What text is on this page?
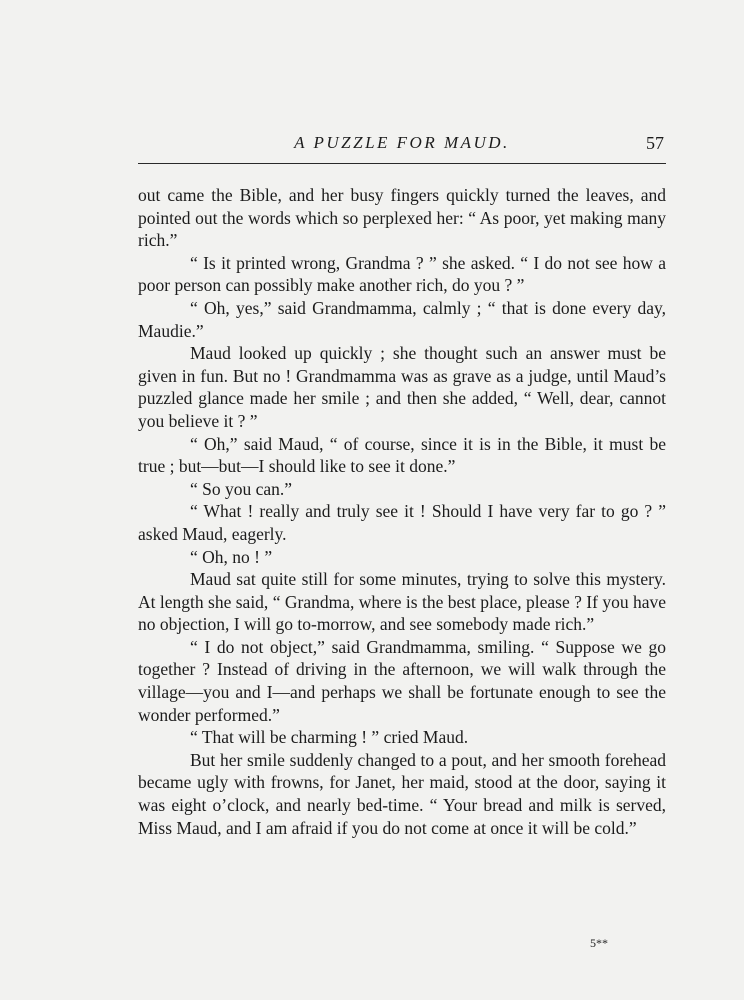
A PUZZLE FOR MAUD.	57

out came the Bible, and her busy fingers quickly turned the leaves, and pointed out the words which so perplexed her: “ As poor, yet making many rich.”

“ Is it printed wrong, Grandma ? ” she asked. “ I do not see how a poor person can possibly make another rich, do you ? ”

“ Oh, yes,” said Grandmamma, calmly ; “ that is done every day, Maudie.”

Maud looked up quickly ; she thought such an answer must be given in fun. But no ! Grandmamma was as grave as a judge, until Maud’s puzzled glance made her smile ; and then she added, “ Well, dear, cannot you believe it ? ”

“ Oh,” said Maud, “ of course, since it is in the Bible, it must be true ; but—but—I should like to see it done.”

“ So you can.”

“ What ! really and truly see it ! Should I have very far to go ? ” asked Maud, eagerly.

“ Oh, no ! ”

Maud sat quite still for some minutes, trying to solve this mystery. At length she said, “ Grandma, where is the best place, please ? If you have no objection, I will go to-morrow, and see somebody made rich.”

“ I do not object,” said Grandmamma, smiling. “ Suppose we go together ? Instead of driving in the afternoon, we will walk through the village—you and I—and perhaps we shall be fortunate enough to see the wonder performed.”

“ That will be charming ! ” cried Maud.

But her smile suddenly changed to a pout, and her smooth forehead became ugly with frowns, for Janet, her maid, stood at the door, saying it was eight o’clock, and nearly bed-time. “ Your bread and milk is served, Miss Maud, and I am afraid if you do not come at once it will be cold.”

5**
